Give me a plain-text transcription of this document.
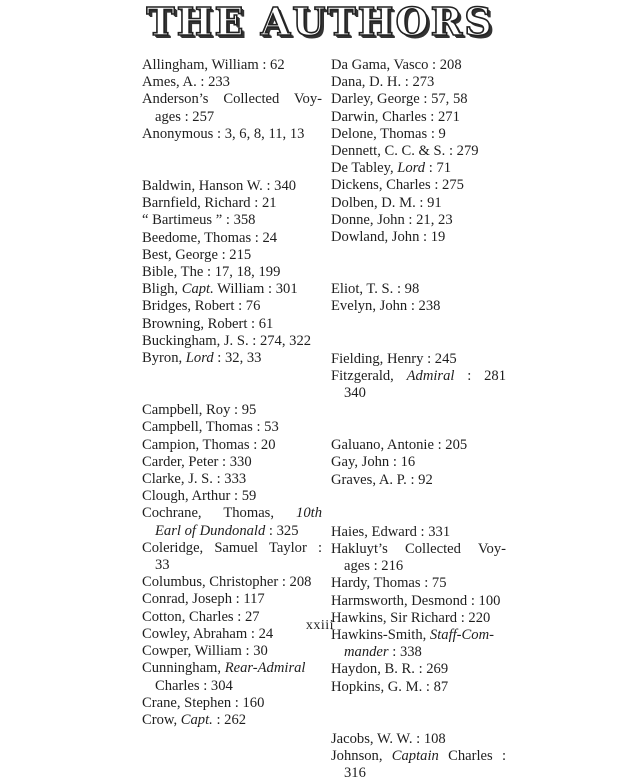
THE AUTHORS

Allingham, William : 62

Ames, A. : 233

Anderson’s Collected Voy-
ages : 257

Anonymous : 3, 6, 8, 11, 13

Baldwin, Hanson W. : 340

Barnfield, Richard : 21

“ Bartimeus ” : 358

Beedome, Thomas : 24

Best, George : 215

Bible, The : 17, 18, 199

Bligh, Capt. William : 301

Bridges, Robert : 76

Browning, Robert : 61

Buckingham, J. S. : 274, 322

Byron, Lord : 32, 33

Campbell, Roy : 95

Campbell, Thomas : 53

Campion, Thomas : 20

Carder, Peter : 330

Clarke, J. S. : 333

Clough, Arthur : 59

Cochrane, Thomas, 10th
Earl of Dundonald : 325

Coleridge, Samuel Taylor :
33

Columbus, Christopher : 208

Conrad, Joseph : 117

Cotton, Charles : 27

Cowley, Abraham : 24

Cowper, William : 30

Cunningham, Rear-Admiral
Charles : 304

Crane, Stephen : 160

Crow, Capt. : 262

Da Gama, Vasco : 208

Dana, D. H. : 273

Darley, George : 57, 58

Darwin, Charles : 271

Delone, Thomas : 9

Dennett, C. C. & S. : 279

De Tabley, Lord : 71

Dickens, Charles : 275

Dolben, D. M. : 91

Donne, John : 21, 23

Dowland, John : 19

Eliot, T. S. : 98

Evelyn, John : 238

Fielding, Henry : 245

Fitzgerald, Admiral : 281
340

Galuano, Antonie : 205

Gay, John : 16

Graves, A. P. : 92

Haies, Edward : 331

Hakluyt’s Collected Voy-
ages : 216

Hardy, Thomas : 75

Harmsworth, Desmond : 100

Hawkins, Sir Richard : 220

Hawkins-Smith, Staff-Com-
mander : 338

Haydon, B. R. : 269

Hopkins, G. M. : 87

Jacobs, W. W. : 108

Johnson, Captain Charles :
316

xxiii
